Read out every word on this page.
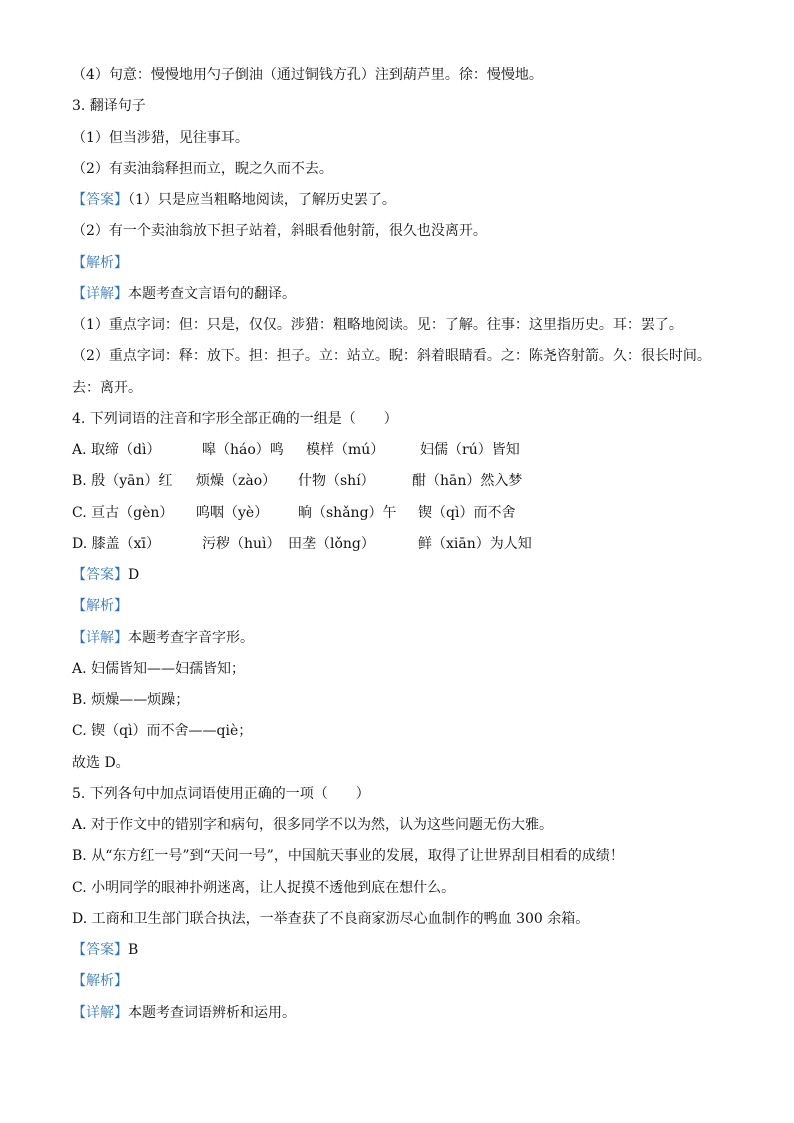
（4）句意：慢慢地用勺子倒油（通过铜钱方孔）注到葫芦里。徐：慢慢地。
3. 翻译句子
（1）但当涉猎，见往事耳。
（2）有卖油翁释担而立，睨之久而不去。
【答案】（1）只是应当粗略地阅读，了解历史罢了。
（2）有一个卖油翁放下担子站着，斜眼看他射箭，很久也没离开。
【解析】
【详解】本题考查文言语句的翻译。
（1）重点字词：但：只是，仅仅。涉猎：粗略地阅读。见：了解。往事：这里指历史。耳：罢了。
（2）重点字词：释：放下。担：担子。立：站立。睨：斜着眼睛看。之：陈尧咨射箭。久：很长时间。
去：离开。
4. 下列词语的注音和字形全部正确的一组是（　　）
A. 取缔（dì）	嗥（háo）鸣 模样（mú）	妇儒（rú）皆知
B. 殷（yān）红 烦燥（zào） 什物（shí）	酣（hān）然入梦
C. 亘古（gèn） 呜咽（yè） 晌（shǎng）午 锲（qì）而不舍
D. 膝盖（xī）	污秽（huì） 田垄（lǒng）	鲜（xiān）为人知
【答案】D
【解析】
【详解】本题考查字音字形。
A. 妇儒皆知——妇孺皆知；
B. 烦燥——烦躁；
C. 锲（qì）而不舍——qiè；
故选 D。
5. 下列各句中加点词语使用正确的一项（　　）
A. 对于作文中的错别字和病句，很多同学不以为然，认为这些问题无伤大雅。
B. 从“东方红一号”到“天问一号”，中国航天事业的发展，取得了让世界刮目相看的成绩！
C. 小明同学的眼神扑朔迷离，让人捉摸不透他到底在想什么。
D. 工商和卫生部门联合执法，一举查获了不良商家沥尽心血制作的鸭血 300 余箱。
【答案】B
【解析】
【详解】本题考查词语辨析和运用。
